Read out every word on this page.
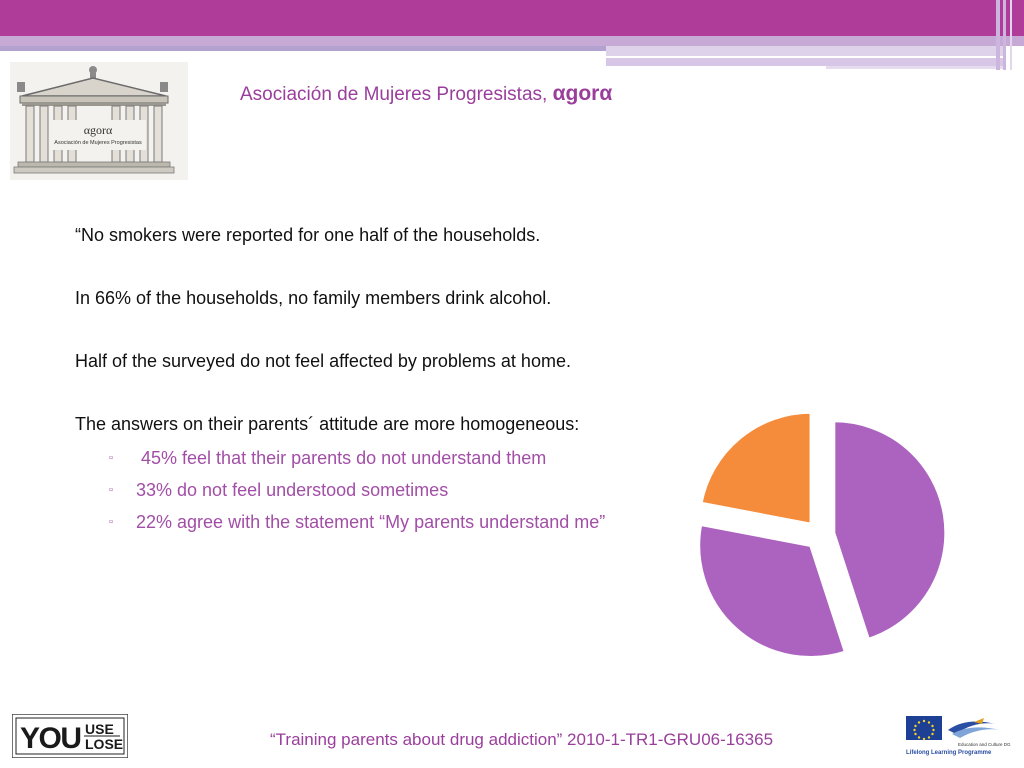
αgorα
Asociación de Mujeres Progresistas
Asociación de Mujeres Progresistas, αgorα

“No smokers were reported for one half of the households.

In 66% of the households, no family members drink alcohol.

Half of the surveyed do not feel affected by problems at home.

The answers on their parents´ attitude are more homogeneous:

▫ 45% feel that their parents do not understand them
▫ 33% do not feel understood sometimes
▫ 22% agree with the statement “My parents understand me”
YOU USE
LOSE	“Training parents about drug addiction” 2010-1-TR1-GRU06-16365	Education and Culture DG
Lifelong Learning Programme
